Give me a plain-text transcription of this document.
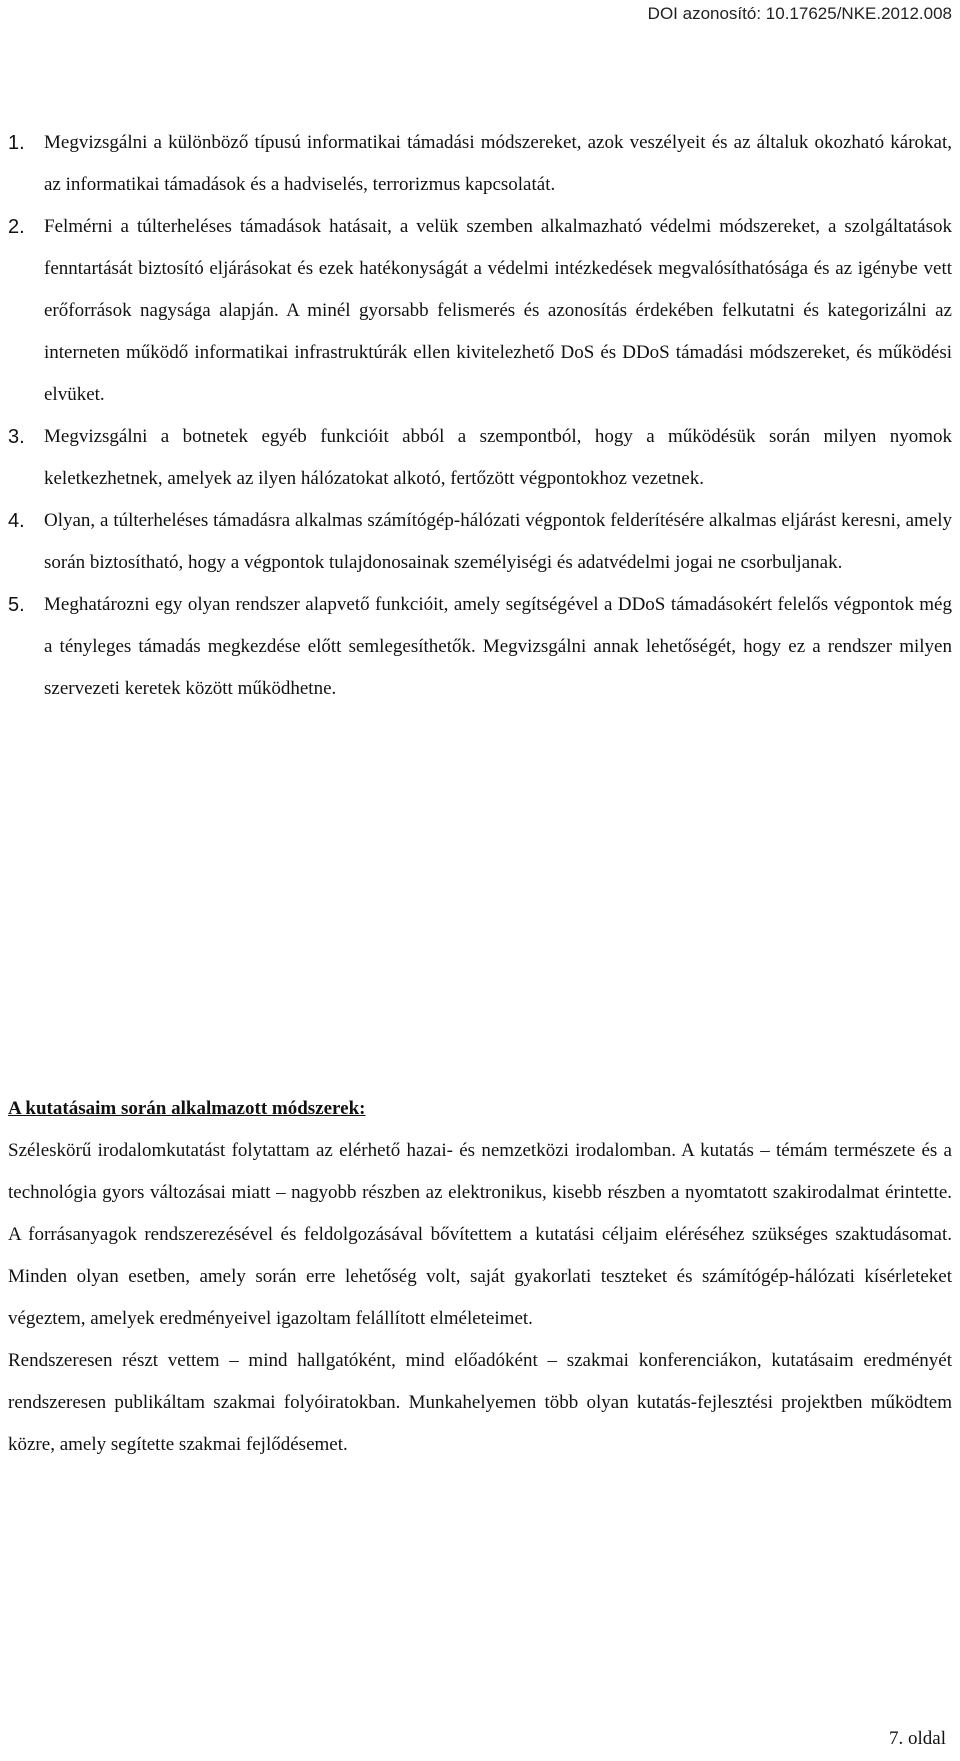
DOI azonosító: 10.17625/NKE.2012.008
1. Megvizsgálni a különböző típusú informatikai támadási módszereket, azok veszélyeit és az általuk okozható károkat, az informatikai támadások és a hadviselés, terrorizmus kapcsolatát.
2. Felmérni a túlterheléses támadások hatásait, a velük szemben alkalmazható védelmi módszereket, a szolgáltatások fenntartását biztosító eljárásokat és ezek hatékonyságát a védelmi intézkedések megvalósíthatósága és az igénybe vett erőforrások nagysága alapján. A minél gyorsabb felismerés és azonosítás érdekében felkutatni és kategorizálni az interneten működő informatikai infrastruktúrák ellen kivitelezhető DoS és DDoS támadási módszereket, és működési elvüket.
3. Megvizsgálni a botnetek egyéb funkcióit abból a szempontból, hogy a működésük során milyen nyomok keletkezhetnek, amelyek az ilyen hálózatokat alkotó, fertőzött végpontokhoz vezetnek.
4. Olyan, a túlterheléses támadásra alkalmas számítógép-hálózati végpontok felderítésére alkalmas eljárást keresni, amely során biztosítható, hogy a végpontok tulajdonosainak személyiségi és adatvédelmi jogai ne csorbuljanak.
5. Meghatározni egy olyan rendszer alapvető funkcióit, amely segítségével a DDoS támadásokért felelős végpontok még a tényleges támadás megkezdése előtt semlegesíthetők. Megvizsgálni annak lehetőségét, hogy ez a rendszer milyen szervezeti keretek között működhetne.
A kutatásaim során alkalmazott módszerek:

Széleskörű irodalomkutatást folytattam az elérhető hazai- és nemzetközi irodalomban. A kutatás – témám természete és a technológia gyors változásai miatt – nagyobb részben az elektronikus, kisebb részben a nyomtatott szakirodalmat érintette. A forrásanyagok rendszerezésével és feldolgozásával bővítettem a kutatási céljaim eléréséhez szükséges szaktudásomat. Minden olyan esetben, amely során erre lehetőség volt, saját gyakorlati teszteket és számítógép-hálózati kísérleteket végeztem, amelyek eredményeivel igazoltam felállított elméleteimet.

Rendszeresen részt vettem – mind hallgatóként, mind előadóként – szakmai konferenciákon, kutatásaim eredményét rendszeresen publikáltam szakmai folyóiratokban. Munkahelyemen több olyan kutatás-fejlesztési projektben működtem közre, amely segítette szakmai fejlődésemet.

7. oldal
